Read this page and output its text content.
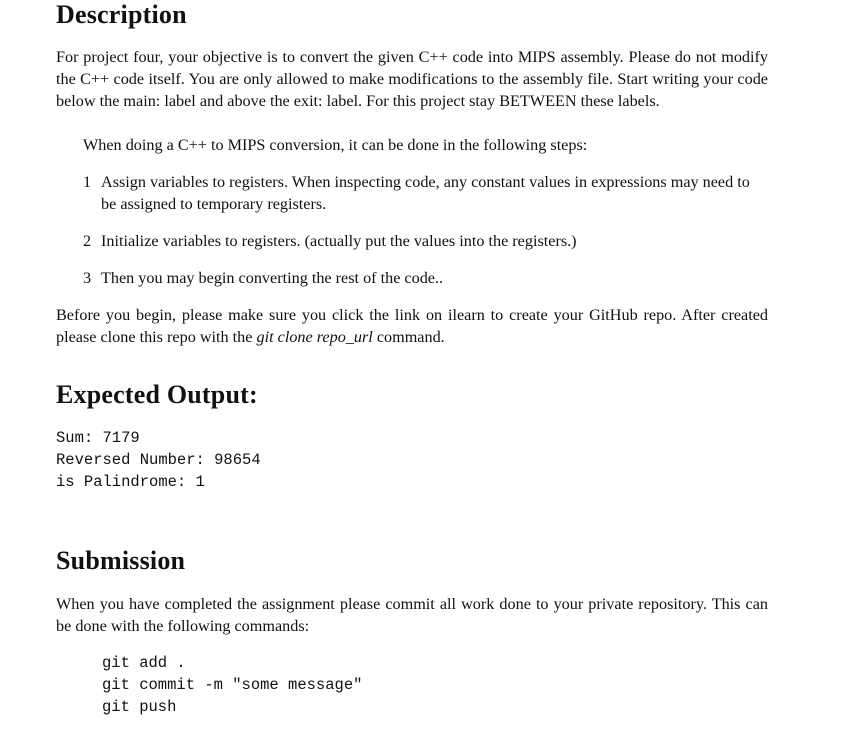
Description

For project four, your objective is to convert the given C++ code into MIPS assembly. Please do not modify the C++ code itself. You are only allowed to make modifications to the assembly file. Start writing your code below the main: label and above the exit: label. For this project stay BETWEEN these labels.

When doing a C++ to MIPS conversion, it can be done in the following steps:

1 Assign variables to registers. When inspecting code, any constant values in expressions may need to be assigned to temporary registers.
2 Initialize variables to registers. (actually put the values into the registers.)
3 Then you may begin converting the rest of the code..

Before you begin, please make sure you click the link on ilearn to create your GitHub repo. After created please clone this repo with the git clone repo_url command.

Expected Output:
Sum: 7179
Reversed Number: 98654
is Palindrome: 1
Submission

When you have completed the assignment please commit all work done to your private repository. This can be done with the following commands:

git add .
git commit -m "some message"
git push
